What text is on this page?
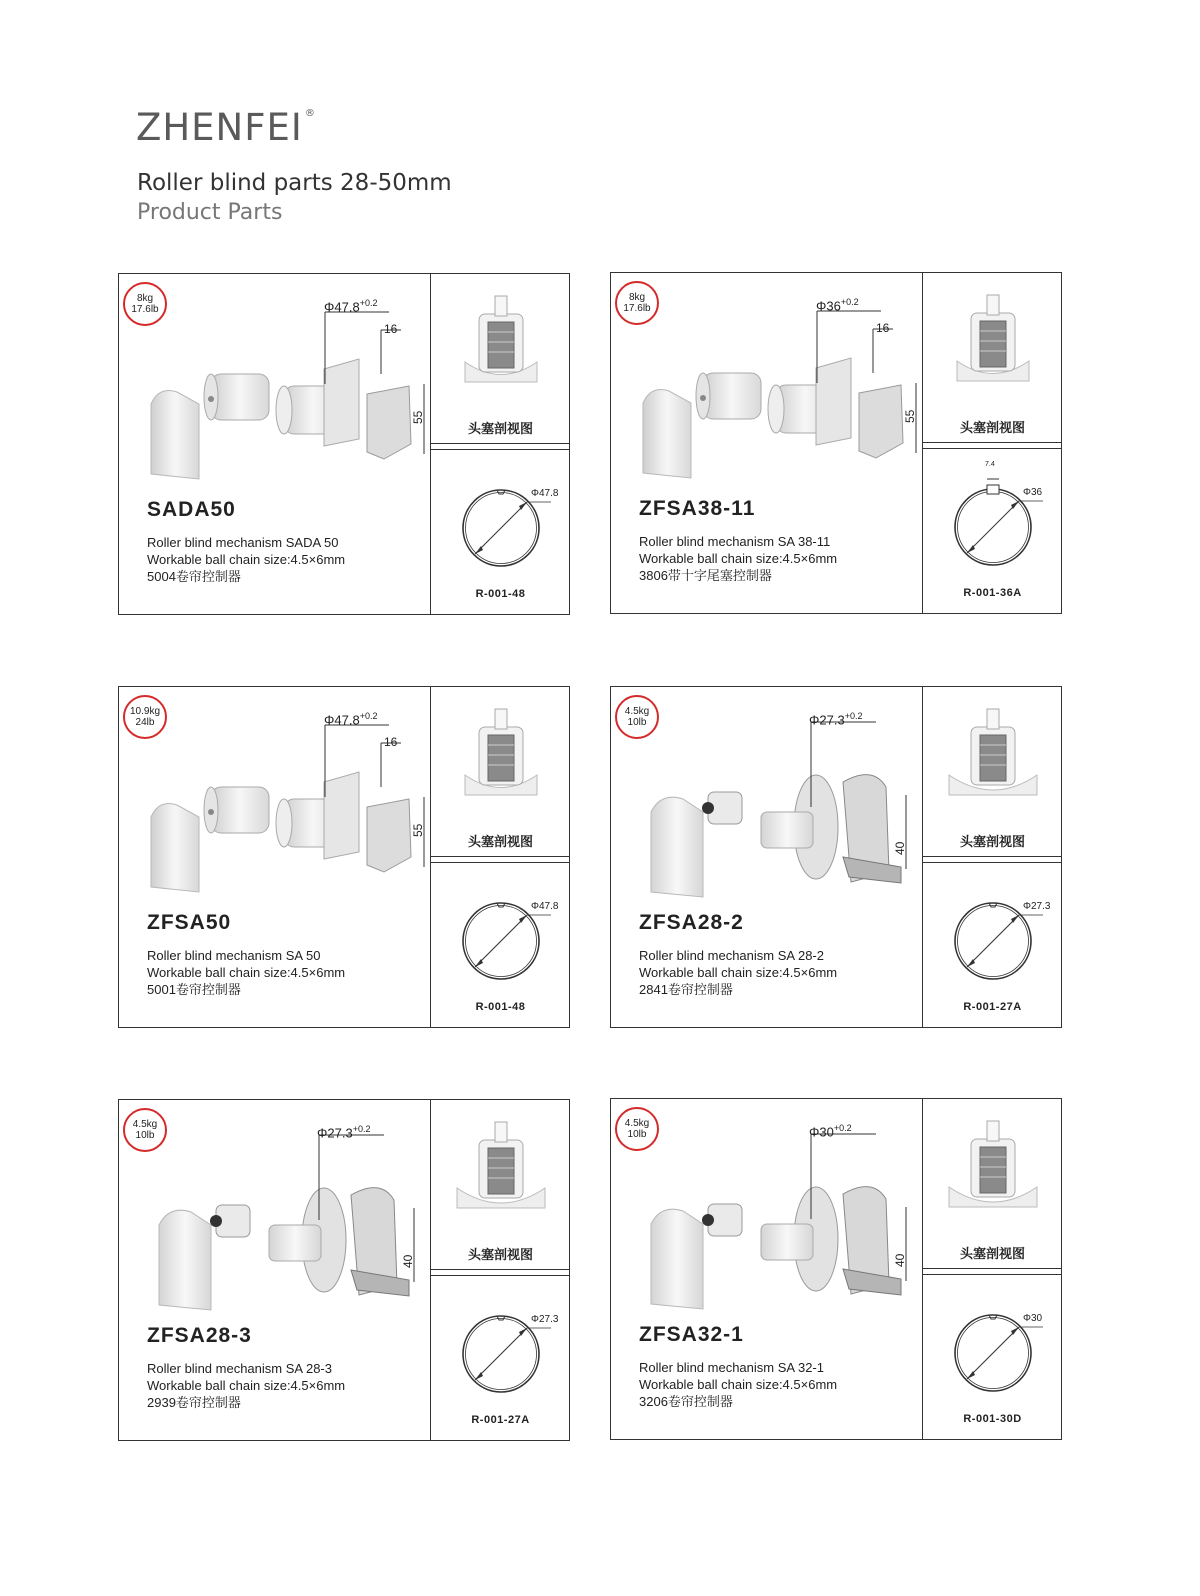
ZHENFEI ®
Roller blind parts 28-50mm
Product Parts
8kg
17.6lb	$\Phi 47.8^{+0.2}$
16
55
SADA50
Roller blind mechanism SADA 50
Workable ball chain size:4.5×6mm
5004卷帘控制器
头塞剖视图
Φ47.8
R-001-48
8kg
17.6lb	$\Phi 36^{+0.2}$
16
55
ZFSA38-11
Roller blind mechanism SA 38-11
Workable ball chain size:4.5×6mm
3806带十字尾塞控制器
头塞剖视图
7.4
Φ36
R-001-36A
10.9kg
24lb	$\Phi 47.8^{+0.2}$
16
55
ZFSA50
Roller blind mechanism SA 50
Workable ball chain size:4.5×6mm
5001卷帘控制器
头塞剖视图
Φ47.8
R-001-48
4.5kg
10lb	$\Phi 27.3^{+0.2}$
40
ZFSA28-2
Roller blind mechanism SA 28-2
Workable ball chain size:4.5×6mm
2841卷帘控制器
头塞剖视图
Φ27.3
R-001-27A
4.5kg
10lb	$\Phi 27.3^{+0.2}$
40
ZFSA28-3
Roller blind mechanism SA 28-3
Workable ball chain size:4.5×6mm
2939卷帘控制器
头塞剖视图
Φ27.3
R-001-27A
4.5kg
10lb	$\Phi 30^{+0.2}$
40
ZFSA32-1
Roller blind mechanism SA 32-1
Workable ball chain size:4.5×6mm
3206卷帘控制器
头塞剖视图
Φ30
R-001-30D
